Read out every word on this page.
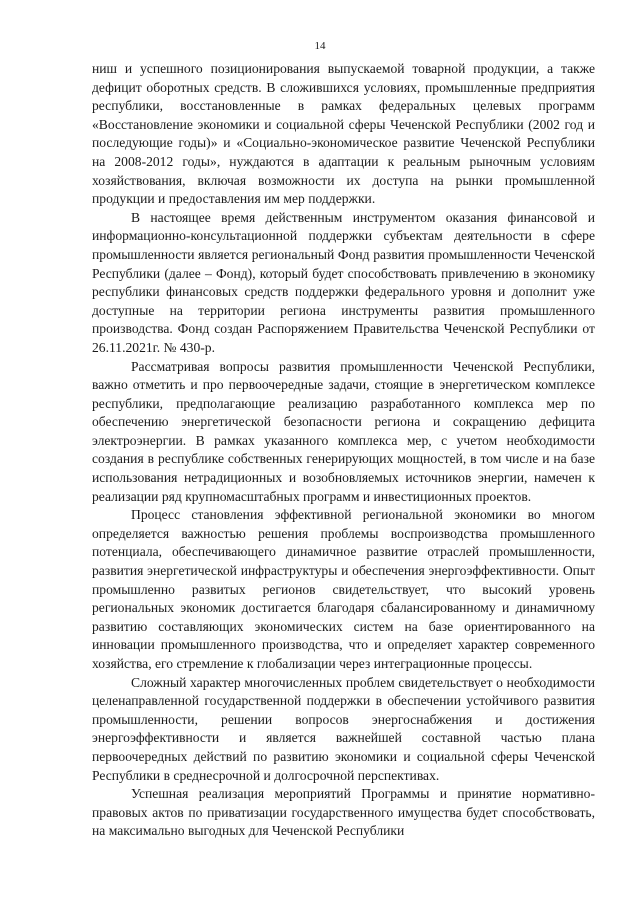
14

ниш и успешного позиционирования выпускаемой товарной продукции, а также дефицит оборотных средств. В сложившихся условиях, промышленные предприятия республики, восстановленные в рамках федеральных целевых программ «Восстановление экономики и социальной сферы Чеченской Республики (2002 год и последующие годы)» и «Социально-экономическое развитие Чеченской Республики на 2008-2012 годы», нуждаются в адаптации к реальным рыночным условиям хозяйствования, включая возможности их доступа на рынки промышленной продукции и предоставления им мер поддержки.

В настоящее время действенным инструментом оказания финансовой и информационно-консультационной поддержки субъектам деятельности в сфере промышленности является региональный Фонд развития промышленности Чеченской Республики (далее – Фонд), который будет способствовать привлечению в экономику республики финансовых средств поддержки федерального уровня и дополнит уже доступные на территории региона инструменты развития промышленного производства. Фонд создан Распоряжением Правительства Чеченской Республики от 26.11.2021г. № 430-р.

Рассматривая вопросы развития промышленности Чеченской Республики, важно отметить и про первоочередные задачи, стоящие в энергетическом комплексе республики, предполагающие реализацию разработанного комплекса мер по обеспечению энергетической безопасности региона и сокращению дефицита электроэнергии. В рамках указанного комплекса мер, с учетом необходимости создания в республике собственных генерирующих мощностей, в том числе и на базе использования нетрадиционных и возобновляемых источников энергии, намечен к реализации ряд крупномасштабных программ и инвестиционных проектов.

Процесс становления эффективной региональной экономики во многом определяется важностью решения проблемы воспроизводства промышленного потенциала, обеспечивающего динамичное развитие отраслей промышленности, развития энергетической инфраструктуры и обеспечения энергоэффективности. Опыт промышленно развитых регионов свидетельствует, что высокий уровень региональных экономик достигается благодаря сбалансированному и динамичному развитию составляющих экономических систем на базе ориентированного на инновации промышленного производства, что и определяет характер современного хозяйства, его стремление к глобализации через интеграционные процессы.

Сложный характер многочисленных проблем свидетельствует о необходимости целенаправленной государственной поддержки в обеспечении устойчивого развития промышленности, решении вопросов энергоснабжения и достижения энергоэффективности и является важнейшей составной частью плана первоочередных действий по развитию экономики и социальной сферы Чеченской Республики в среднесрочной и долгосрочной перспективах.

Успешная реализация мероприятий Программы и принятие нормативно-правовых актов по приватизации государственного имущества будет способствовать, на максимально выгодных для Чеченской Республики
